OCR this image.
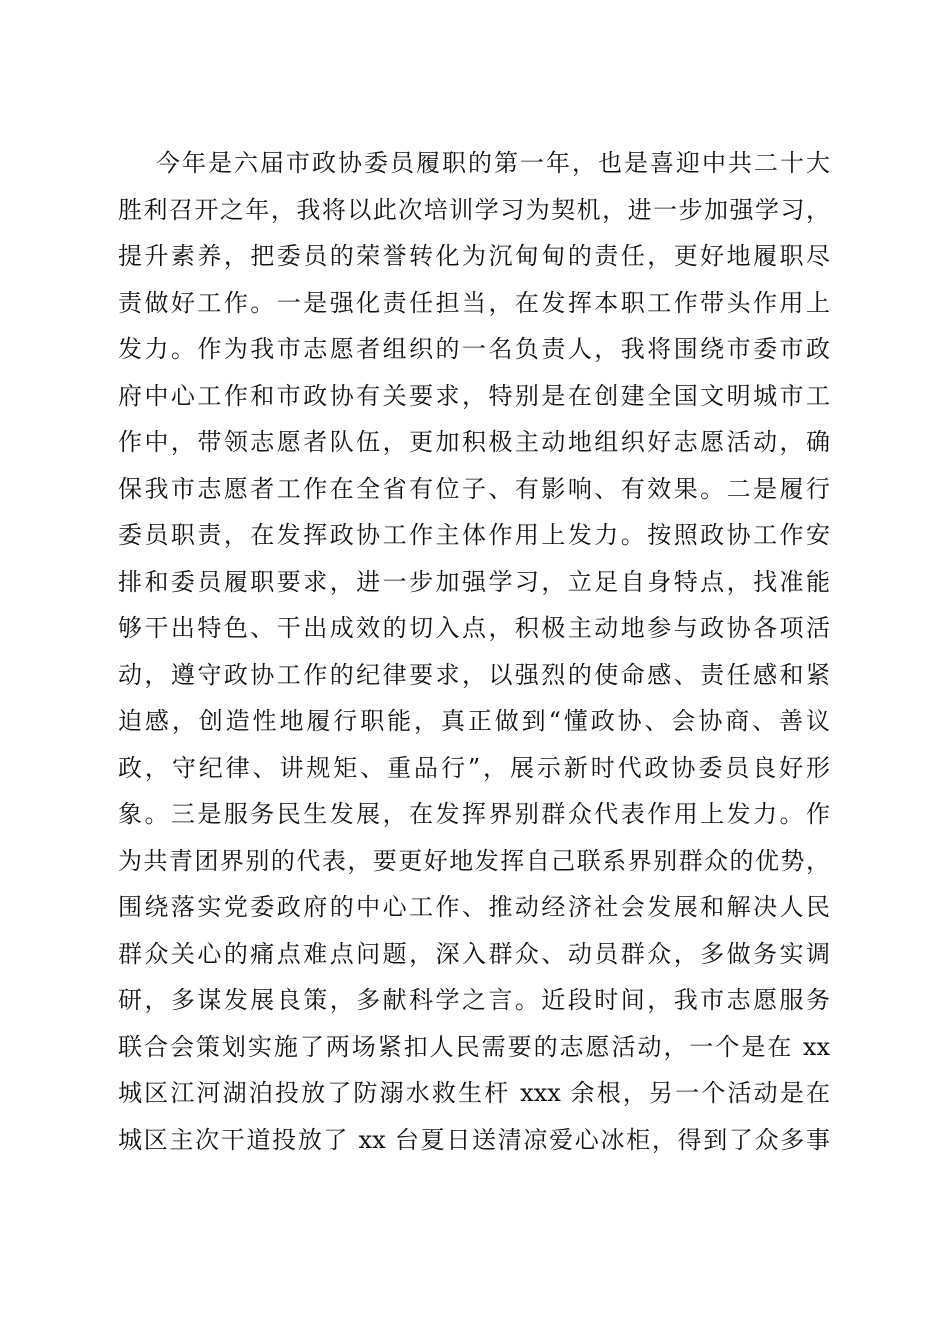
今年是六届市政协委员履职的第一年，也是喜迎中共二十大
胜利召开之年，我将以此次培训学习为契机，进一步加强学习，
提升素养，把委员的荣誉转化为沉甸甸的责任，更好地履职尽
责做好工作。一是强化责任担当，在发挥本职工作带头作用上
发力。作为我市志愿者组织的一名负责人，我将围绕市委市政
府中心工作和市政协有关要求，特别是在创建全国文明城市工
作中，带领志愿者队伍，更加积极主动地组织好志愿活动，确
保我市志愿者工作在全省有位子、有影响、有效果。二是履行
委员职责，在发挥政协工作主体作用上发力。按照政协工作安
排和委员履职要求，进一步加强学习，立足自身特点，找准能
够干出特色、干出成效的切入点，积极主动地参与政协各项活
动，遵守政协工作的纪律要求，以强烈的使命感、责任感和紧
迫感，创造性地履行职能，真正做到“懂政协、会协商、善议
政，守纪律、讲规矩、重品行”，展示新时代政协委员良好形
象。三是服务民生发展，在发挥界别群众代表作用上发力。作
为共青团界别的代表，要更好地发挥自己联系界别群众的优势，
围绕落实党委政府的中心工作、推动经济社会发展和解决人民
群众关心的痛点难点问题，深入群众、动员群众，多做务实调
研，多谋发展良策，多献科学之言。近段时间，我市志愿服务
联合会策划实施了两场紧扣人民需要的志愿活动，一个是在 xx
城区江河湖泊投放了防溺水救生杆 xxx 余根，另一个活动是在
城区主次干道投放了 xx 台夏日送清凉爱心冰柜，得到了众多事
